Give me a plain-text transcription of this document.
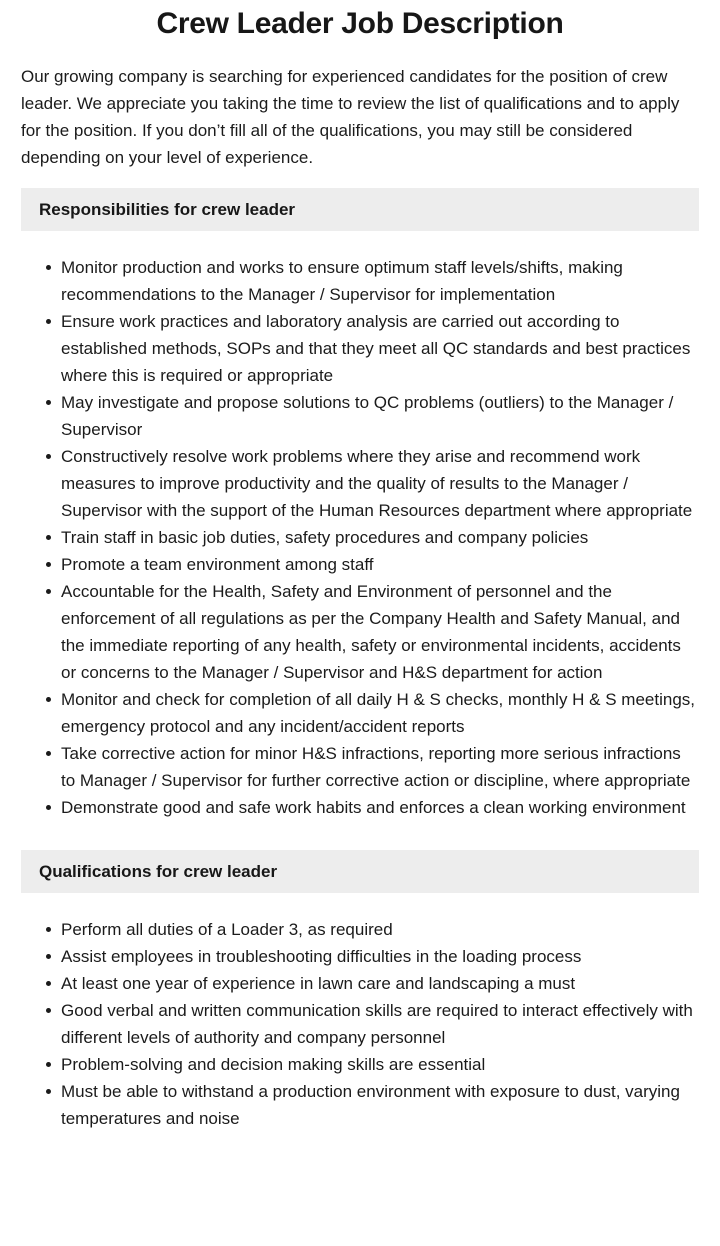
Crew Leader Job Description

Our growing company is searching for experienced candidates for the position of crew leader. We appreciate you taking the time to review the list of qualifications and to apply for the position. If you don’t fill all of the qualifications, you may still be considered depending on your level of experience.

Responsibilities for crew leader
Monitor production and works to ensure optimum staff levels/shifts, making recommendations to the Manager / Supervisor for implementation
Ensure work practices and laboratory analysis are carried out according to established methods, SOPs and that they meet all QC standards and best practices where this is required or appropriate
May investigate and propose solutions to QC problems (outliers) to the Manager / Supervisor
Constructively resolve work problems where they arise and recommend work measures to improve productivity and the quality of results to the Manager / Supervisor with the support of the Human Resources department where appropriate
Train staff in basic job duties, safety procedures and company policies
Promote a team environment among staff
Accountable for the Health, Safety and Environment of personnel and the enforcement of all regulations as per the Company Health and Safety Manual, and the immediate reporting of any health, safety or environmental incidents, accidents or concerns to the Manager / Supervisor and H&S department for action
Monitor and check for completion of all daily H & S checks, monthly H & S meetings, emergency protocol and any incident/accident reports
Take corrective action for minor H&S infractions, reporting more serious infractions to Manager / Supervisor for further corrective action or discipline, where appropriate
Demonstrate good and safe work habits and enforces a clean working environment
Qualifications for crew leader
Perform all duties of a Loader 3, as required
Assist employees in troubleshooting difficulties in the loading process
At least one year of experience in lawn care and landscaping a must
Good verbal and written communication skills are required to interact effectively with different levels of authority and company personnel
Problem-solving and decision making skills are essential
Must be able to withstand a production environment with exposure to dust, varying temperatures and noise
